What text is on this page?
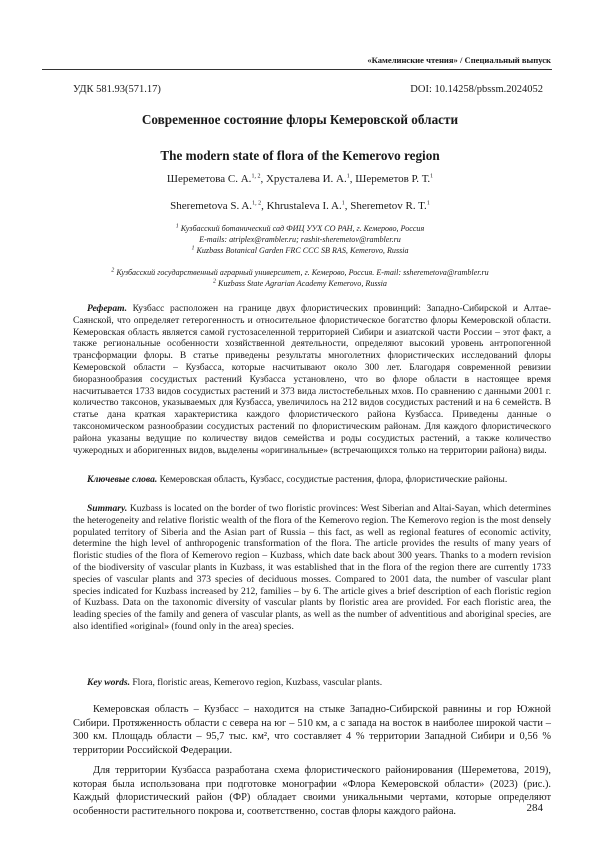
«Камелинские чтения» / Специальный выпуск
УДК 581.93(571.17)	DOI: 10.14258/pbssm.2024052
Современное состояние флоры Кемеровской области
The modern state of flora of the Kemerovo region
Шереметова С. А.$^{1, 2}$, Хрусталева И. А.$^1$, Шереметов Р. Т.$^1$
Sheremetova S. A.$^{1, 2}$, Khrustaleva I. A.$^1$, Sheremetov R. T.$^1$
$^1$ Кузбасский ботанический сад ФИЦ УУХ СО РАН, г. Кемерово, Россия
E-mails: atriplex@rambler.ru; rashit-sheremetov@rambler.ru
$^1$ Kuzbass Botanical Garden FRC CCC SB RAS, Kemerovo, Russia
$^2$ Кузбасский государственный аграрный университет, г. Кемерово, Россия. E-mail: ssheremetova@rambler.ru
$^2$ Kuzbass State Agrarian Academy Kemerovo, Russia
Реферат. Кузбасс расположен на границе двух флористических провинций: Западно-Сибирской и Алтае-Саянской, что определяет гетерогенность и относительное флористическое богатство флоры Кемеровской области. Кемеровская область является самой густозаселенной территорией Сибири и азиатской части России – этот факт, а также региональные особенности хозяйственной деятельности, определяют высокий уровень антропогенной трансформации флоры. В статье приведены результаты многолетних флористических исследований флоры Кемеровской области – Кузбасса, которые насчитывают около 300 лет. Благодаря современной ревизии биоразнообразия сосудистых растений Кузбасса установлено, что во флоре области в настоящее время насчитывается 1733 видов сосудистых растений и 373 вида листостебельных мхов. По сравнению с данными 2001 г. количество таксонов, указываемых для Кузбасса, увеличилось на 212 видов сосудистых растений и на 6 семейств. В статье дана краткая характеристика каждого флористического района Кузбасса. Приведены данные о таксономическом разнообразии сосудистых растений по флористическим районам. Для каждого флористического района указаны ведущие по количеству видов семейства и роды сосудистых растений, а также количество чужеродных и аборигенных видов, выделены «оригинальные» (встречающихся только на территории района) виды.
Ключевые слова. Кемеровская область, Кузбасс, сосудистые растения, флора, флористические районы.
Summary. Kuzbass is located on the border of two floristic provinces: West Siberian and Altai-Sayan, which determines the heterogeneity and relative floristic wealth of the flora of the Kemerovo region. The Kemerovo region is the most densely populated territory of Siberia and the Asian part of Russia – this fact, as well as regional features of economic activity, determine the high level of anthropogenic transformation of the flora. The article provides the results of many years of floristic studies of the flora of Kemerovo region – Kuzbass, which date back about 300 years. Thanks to a modern revision of the biodiversity of vascular plants in Kuzbass, it was established that in the flora of the region there are currently 1733 species of vascular plants and 373 species of deciduous mosses. Compared to 2001 data, the number of vascular plant species indicated for Kuzbass increased by 212, families – by 6. The article gives a brief description of each floristic region of Kuzbass. Data on the taxonomic diversity of vascular plants by floristic area are provided. For each floristic area, the leading species of the family and genera of vascular plants, as well as the number of adventitious and aboriginal species, are also identified «original» (found only in the area) species.
Key words. Flora, floristic areas, Kemerovo region, Kuzbass, vascular plants.
Кемеровская область – Кузбасс – находится на стыке Западно-Сибирской равнины и гор Южной Сибири. Протяженность области с севера на юг – 510 км, а с запада на восток в наиболее широкой части – 300 км. Площадь области – 95,7 тыс. км², что составляет 4 % территории Западной Сибири и 0,56 % территории Российской Федерации.
Для территории Кузбасса разработана схема флористического районирования (Шереметова, 2019), которая была использована при подготовке монографии «Флора Кемеровской области» (2023) (рис.). Каждый флористический район (ФР) обладает своими уникальными чертами, которые определяют особенности растительного покрова и, соответственно, состав флоры каждого района.	284
